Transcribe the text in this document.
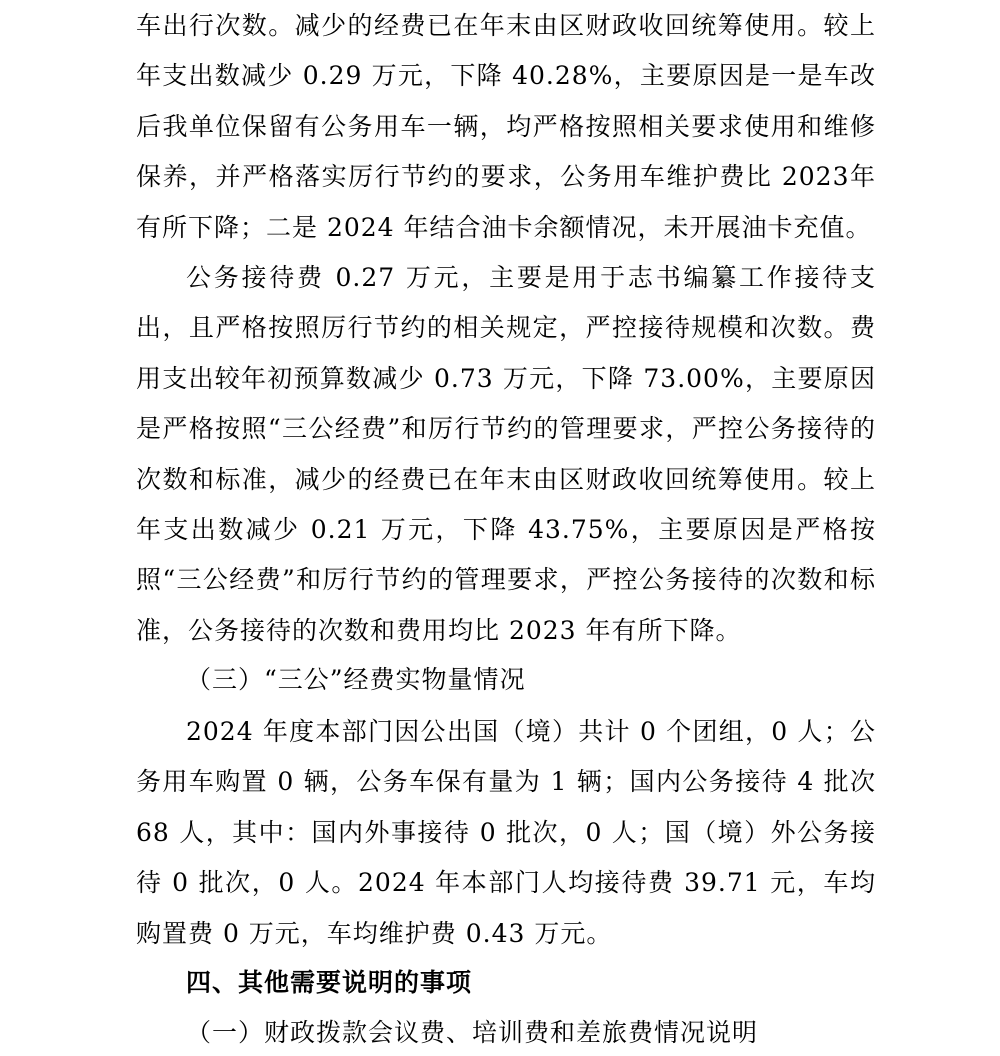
车出行次数。减少的经费已在年末由区财政收回统筹使用。较上年支出数减少 0.29 万元，下降 40.28%，主要原因是一是车改后我单位保留有公务用车一辆，均严格按照相关要求使用和维修保养，并严格落实厉行节约的要求，公务用车维护费比 2023年有所下降；二是 2024 年结合油卡余额情况，未开展油卡充值。

公务接待费 0.27 万元，主要是用于志书编纂工作接待支出，且严格按照厉行节约的相关规定，严控接待规模和次数。费用支出较年初预算数减少 0.73 万元，下降 73.00%，主要原因是严格按照“三公经费”和厉行节约的管理要求，严控公务接待的次数和标准，减少的经费已在年末由区财政收回统筹使用。较上年支出数减少 0.21 万元，下降 43.75%，主要原因是严格按照“三公经费”和厉行节约的管理要求，严控公务接待的次数和标准，公务接待的次数和费用均比 2023 年有所下降。

（三）“三公”经费实物量情况

2024 年度本部门因公出国（境）共计 0 个团组，0 人；公务用车购置 0 辆，公务车保有量为 1 辆；国内公务接待 4 批次68 人，其中：国内外事接待 0 批次，0 人；国（境）外公务接待 0 批次，0 人。2024 年本部门人均接待费 39.71 元，车均购置费 0 万元，车均维护费 0.43 万元。

四、其他需要说明的事项

（一）财政拨款会议费、培训费和差旅费情况说明
